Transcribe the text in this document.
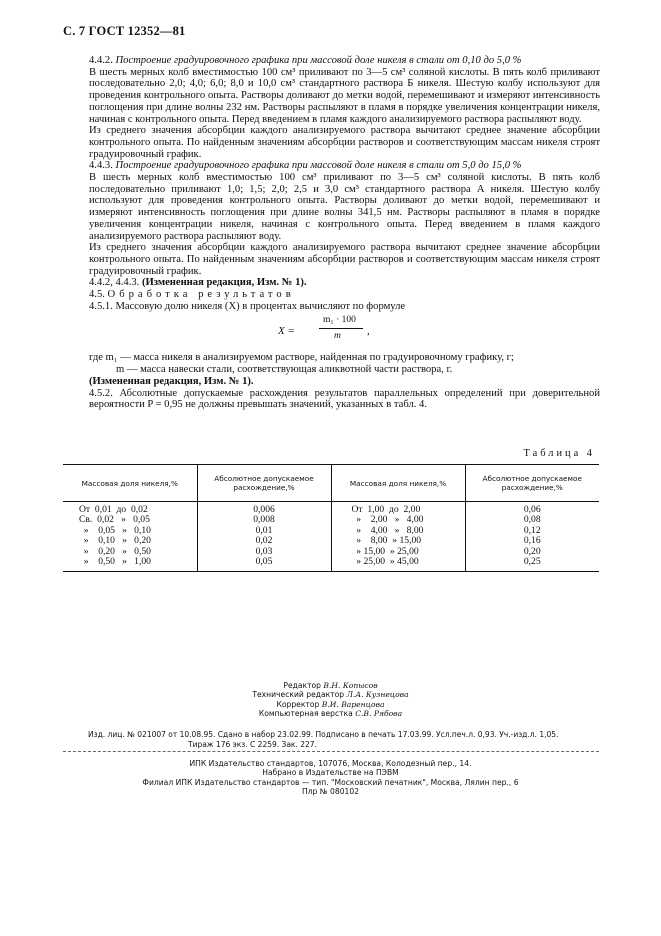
С. 7 ГОСТ 12352—81

4.4.2. Построение градуировочного графика при массовой доле никеля в стали от 0,10 до 5,0 %

В шесть мерных колб вместимостью 100 см³ приливают по 3—5 см³ соляной кислоты. В пять колб приливают последовательно 2,0; 4,0; 6,0; 8,0 и 10,0 см³ стандартного раствора Б никеля. Шестую колбу используют для проведения контрольного опыта. Растворы доливают до метки водой, перемешивают и измеряют интенсивность поглощения при длине волны 232 нм. Растворы распыляют в пламя в порядке увеличения концентрации никеля, начиная с контрольного опыта. Перед введением в пламя каждого анализируемого раствора распыляют воду.

Из среднего значения абсорбции каждого анализируемого раствора вычитают среднее значение абсорбции контрольного опыта. По найденным значениям абсорбции растворов и соответствующим массам никеля строят градуировочный график.

4.4.3. Построение градуировочного графика при массовой доле никеля в стали от 5,0 до 15,0 %

В шесть мерных колб вместимостью 100 см³ приливают по 3—5 см³ соляной кислоты. В пять колб последовательно приливают 1,0; 1,5; 2,0; 2,5 и 3,0 см³ стандартного раствора А никеля. Шестую колбу используют для проведения контрольного опыта. Растворы доливают до метки водой, перемешивают и измеряют интенсивность поглощения при длине волны 341,5 нм. Растворы распыляют в пламя в порядке увеличения концентрации никеля, начиная с контрольного опыта. Перед введением в пламя каждого анализируемого раствора распыляют воду.

Из среднего значения абсорбции каждого анализируемого раствора вычитают среднее значение абсорбции контрольного опыта. По найденным значениям абсорбции растворов и соответствующим массам никеля строят градуировочный график.

4.4.2, 4.4.3. (Измененная редакция, Изм. № 1).

4.5. Обработка результатов

4.5.1. Массовую долю никеля (X) в процентах вычисляют по формуле

X =
m₁ · 100
m ,

где m₁ — масса никеля в анализируемом растворе, найденная по градуировочному графику, г;

m — масса навески стали, соответствующая аликвотной части раствора, г.

(Измененная редакция, Изм. № 1).

4.5.2. Абсолютные допускаемые расхождения результатов параллельных определений при доверительной вероятности P = 0,95 не должны превышать значений, указанных в табл. 4.

Таблица 4
Массовая доля никеля,%	Абсолютное допускаемое расхождение,%	Массовая доля никеля,%	Абсолютное допускаемое расхождение,%
От  0,01  до  0,02	0,006	От  1,00  до  2,00	0,06
Св.  0,02   »   0,05	0,008	»    2,00   »   4,00	0,08
»    0,05   »   0,10	0,01	»    4,00   »   8,00	0,12
»    0,10   »   0,20	0,02	»    8,00  » 15,00	0,16
»    0,20   »   0,50	0,03	» 15,00  » 25,00	0,20
»    0,50   »   1,00	0,05	» 25,00  » 45,00	0,25
Редактор В.Н. Копысов
Технический редактор Л.А. Кузнецова
Корректор В.И. Варенцова
Компьютерная верстка С.В. Рябова
Изд. лиц. № 021007 от 10.08.95. Сдано в набор 23.02.99. Подписано в печать 17.03.99. Усл.печ.л. 0,93. Уч.-изд.л. 1,05.
Тираж 176 экз. С 2259. Зак. 227.
ИПК Издательство стандартов, 107076, Москва, Колодезный пер., 14.
Набрано в Издательстве на ПЭВМ
Филиал ИПК Издательство стандартов — тип. "Московский печатник", Москва, Лялин пер., 6
Плр № 080102
